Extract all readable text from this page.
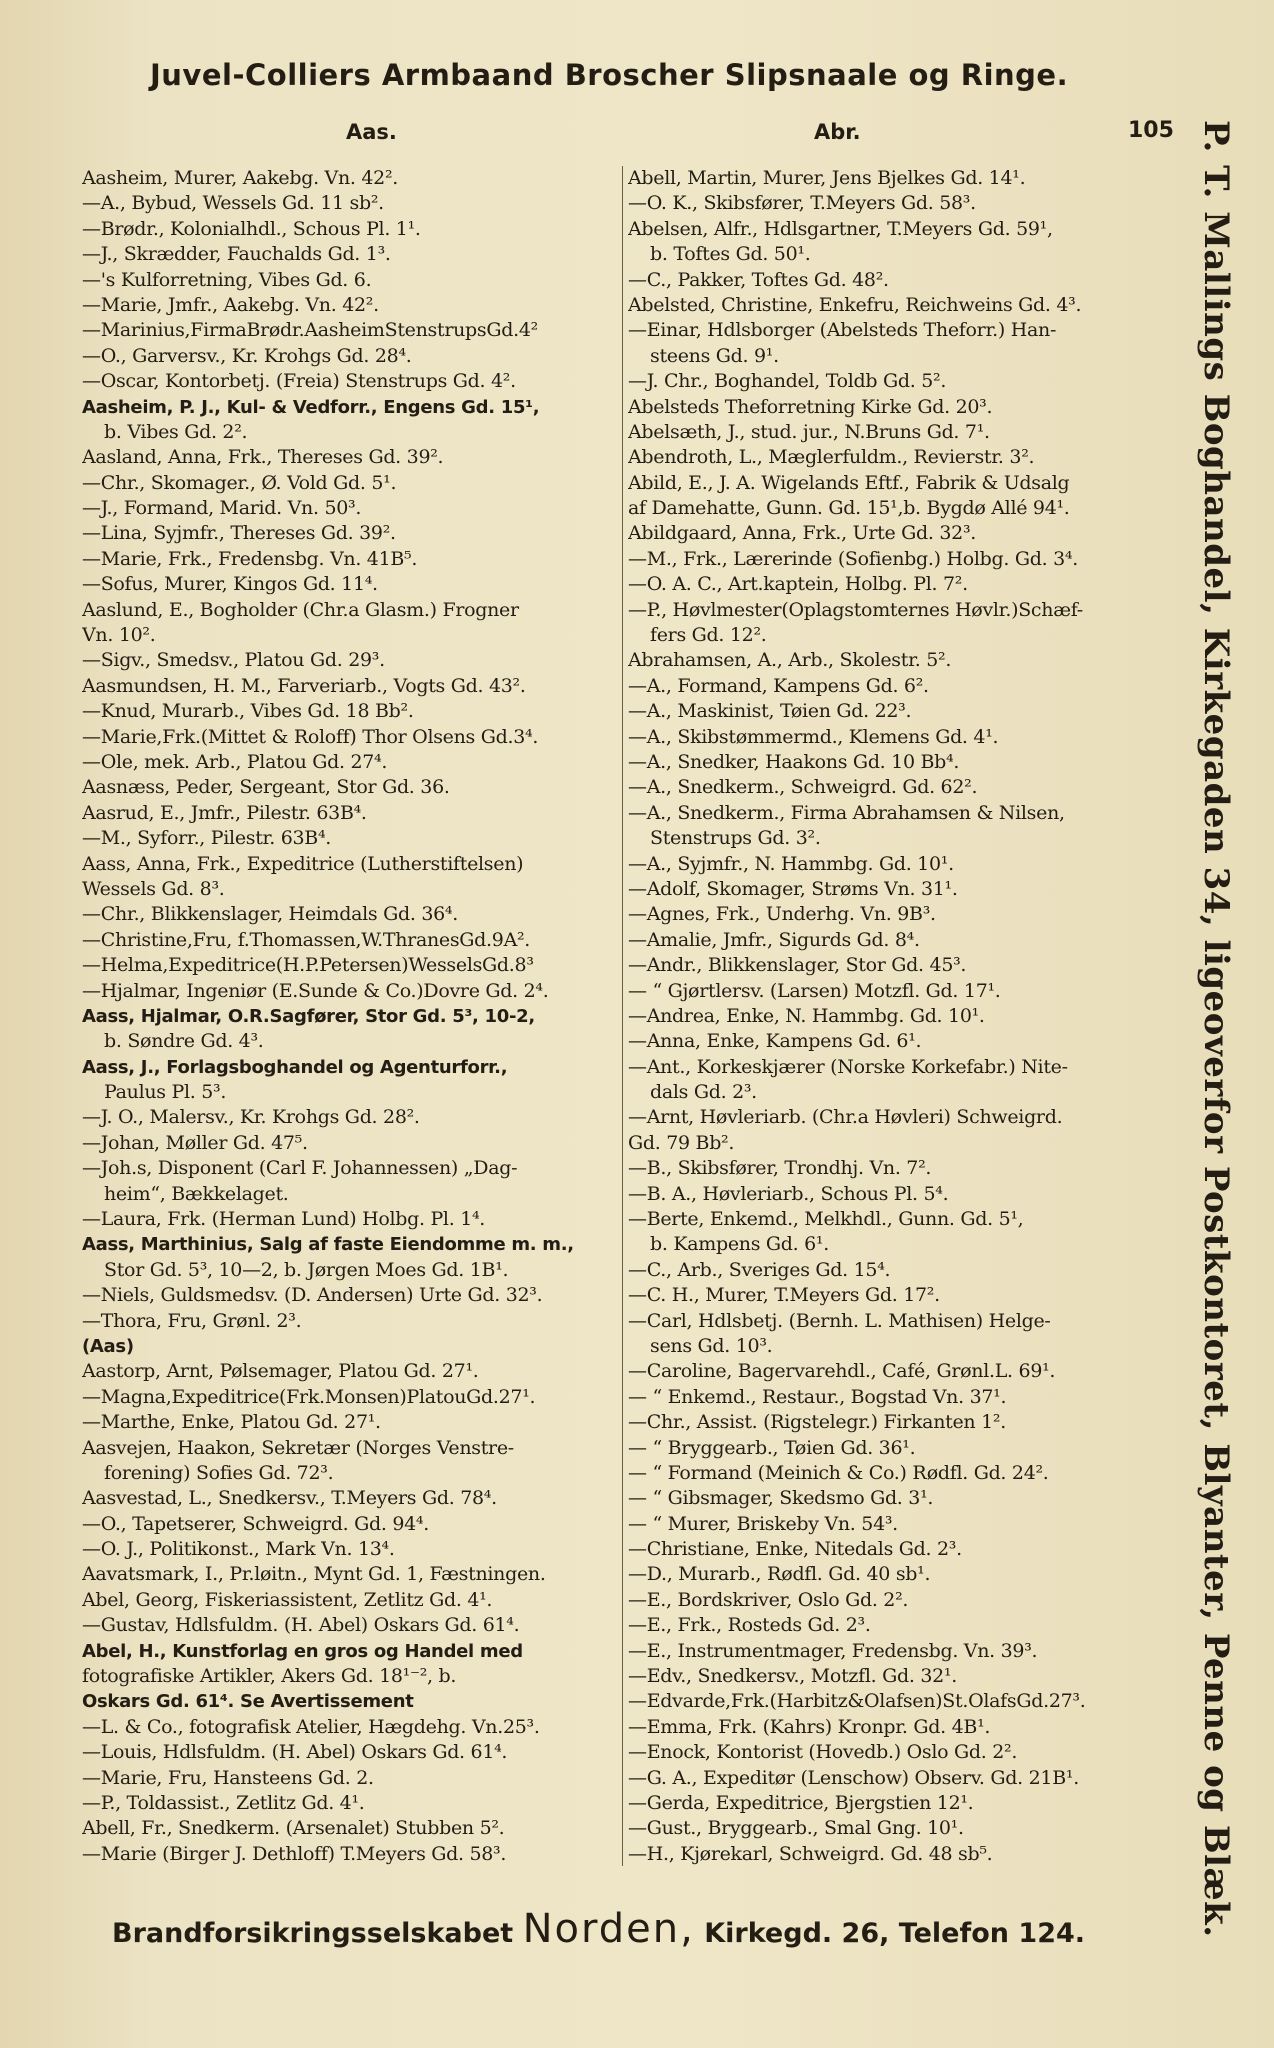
Juvel-Colliers Armbaand Broscher Slipsnaale og Ringe.
Aas.	Abr.	105
Aasheim, Murer, Aakebg. Vn. 42².
—A., Bybud, Wessels Gd. 11 sb².
—Brødr., Kolonialhdl., Schous Pl. 1¹.
—J., Skrædder, Fauchalds Gd. 1³.
—'s Kulforretning, Vibes Gd. 6.
—Marie, Jmfr., Aakebg. Vn. 42².
—Marinius,FirmaBrødr.AasheimStenstrupsGd.4²
—O., Garversv., Kr. Krohgs Gd. 28⁴.
—Oscar, Kontorbetj. (Freia) Stenstrups Gd. 4².
Aasheim, P. J., Kul- & Vedforr., Engens Gd. 15¹,
b. Vibes Gd. 2².
Aasland, Anna, Frk., Thereses Gd. 39².
—Chr., Skomager., Ø. Vold Gd. 5¹.
—J., Formand, Marid. Vn. 50³.
—Lina, Syjmfr., Thereses Gd. 39².
—Marie, Frk., Fredensbg. Vn. 41B⁵.
—Sofus, Murer, Kingos Gd. 11⁴.
Aaslund, E., Bogholder (Chr.a Glasm.) Frogner
Vn. 10².
—Sigv., Smedsv., Platou Gd. 29³.
Aasmundsen, H. M., Farveriarb., Vogts Gd. 43².
—Knud, Murarb., Vibes Gd. 18 Bb².
—Marie,Frk.(Mittet & Roloff) Thor Olsens Gd.3⁴.
—Ole, mek. Arb., Platou Gd. 27⁴.
Aasnæss, Peder, Sergeant, Stor Gd. 36.
Aasrud, E., Jmfr., Pilestr. 63B⁴.
—M., Syforr., Pilestr. 63B⁴.
Aass, Anna, Frk., Expeditrice (Lutherstiftelsen)
Wessels Gd. 8³.
—Chr., Blikkenslager, Heimdals Gd. 36⁴.
—Christine,Fru, f.Thomassen,W.ThranesGd.9A².
—Helma,Expeditrice(H.P.Petersen)WesselsGd.8³
—Hjalmar, Ingeniør (E.Sunde & Co.)Dovre Gd. 2⁴.
Aass, Hjalmar, O.R.Sagfører, Stor Gd. 5³, 10-2,
b. Søndre Gd. 4³.
Aass, J., Forlagsboghandel og Agenturforr.,
Paulus Pl. 5³.
—J. O., Malersv., Kr. Krohgs Gd. 28².
—Johan, Møller Gd. 47⁵.
—Joh.s, Disponent (Carl F. Johannessen) „Dag-
heim“, Bækkelaget.
—Laura, Frk. (Herman Lund) Holbg. Pl. 1⁴.
Aass, Marthinius, Salg af faste Eiendomme m. m.,
Stor Gd. 5³, 10—2, b. Jørgen Moes Gd. 1B¹.
—Niels, Guldsmedsv. (D. Andersen) Urte Gd. 32³.
—Thora, Fru, Grønl. 2³.
(Aas)
Aastorp, Arnt, Pølsemager, Platou Gd. 27¹.
—Magna,Expeditrice(Frk.Monsen)PlatouGd.27¹.
—Marthe, Enke, Platou Gd. 27¹.
Aasvejen, Haakon, Sekretær (Norges Venstre-
forening) Sofies Gd. 72³.
Aasvestad, L., Snedkersv., T.Meyers Gd. 78⁴.
—O., Tapetserer, Schweigrd. Gd. 94⁴.
—O. J., Politikonst., Mark Vn. 13⁴.
Aavatsmark, I., Pr.løitn., Mynt Gd. 1, Fæstningen.
Abel, Georg, Fiskeriassistent, Zetlitz Gd. 4¹.
—Gustav, Hdlsfuldm. (H. Abel) Oskars Gd. 61⁴.
Abel, H., Kunstforlag en gros og Handel med
fotografiske Artikler, Akers Gd. 18¹⁻², b.
Oskars Gd. 61⁴. Se Avertissement
—L. & Co., fotografisk Atelier, Hægdehg. Vn.25³.
—Louis, Hdlsfuldm. (H. Abel) Oskars Gd. 61⁴.
—Marie, Fru, Hansteens Gd. 2.
—P., Toldassist., Zetlitz Gd. 4¹.
Abell, Fr., Snedkerm. (Arsenalet) Stubben 5².
—Marie (Birger J. Dethloff) T.Meyers Gd. 58³.
Abell, Martin, Murer, Jens Bjelkes Gd. 14¹.
—O. K., Skibsfører, T.Meyers Gd. 58³.
Abelsen, Alfr., Hdlsgartner, T.Meyers Gd. 59¹,
b. Toftes Gd. 50¹.
—C., Pakker, Toftes Gd. 48².
Abelsted, Christine, Enkefru, Reichweins Gd. 4³.
—Einar, Hdlsborger (Abelsteds Theforr.) Han-
steens Gd. 9¹.
—J. Chr., Boghandel, Toldb Gd. 5².
Abelsteds Theforretning Kirke Gd. 20³.
Abelsæth, J., stud. jur., N.Bruns Gd. 7¹.
Abendroth, L., Mæglerfuldm., Revierstr. 3².
Abild, E., J. A. Wigelands Eftf., Fabrik & Udsalg
af Damehatte, Gunn. Gd. 15¹,b. Bygdø Allé 94¹.
Abildgaard, Anna, Frk., Urte Gd. 32³.
—M., Frk., Lærerinde (Sofienbg.) Holbg. Gd. 3⁴.
—O. A. C., Art.kaptein, Holbg. Pl. 7².
—P., Høvlmester(Oplagstomternes Høvlr.)Schæf-
fers Gd. 12².
Abrahamsen, A., Arb., Skolestr. 5².
—A., Formand, Kampens Gd. 6².
—A., Maskinist, Tøien Gd. 22³.
—A., Skibstømmermd., Klemens Gd. 4¹.
—A., Snedker, Haakons Gd. 10 Bb⁴.
—A., Snedkerm., Schweigrd. Gd. 62².
—A., Snedkerm., Firma Abrahamsen & Nilsen,
Stenstrups Gd. 3².
—A., Syjmfr., N. Hammbg. Gd. 10¹.
—Adolf, Skomager, Strøms Vn. 31¹.
—Agnes, Frk., Underhg. Vn. 9B³.
—Amalie, Jmfr., Sigurds Gd. 8⁴.
—Andr., Blikkenslager, Stor Gd. 45³.
— “ Gjørtlersv. (Larsen) Motzfl. Gd. 17¹.
—Andrea, Enke, N. Hammbg. Gd. 10¹.
—Anna, Enke, Kampens Gd. 6¹.
—Ant., Korkeskjærer (Norske Korkefabr.) Nite-
dals Gd. 2³.
—Arnt, Høvleriarb. (Chr.a Høvleri) Schweigrd.
Gd. 79 Bb².
—B., Skibsfører, Trondhj. Vn. 7².
—B. A., Høvleriarb., Schous Pl. 5⁴.
—Berte, Enkemd., Melkhdl., Gunn. Gd. 5¹,
b. Kampens Gd. 6¹.
—C., Arb., Sveriges Gd. 15⁴.
—C. H., Murer, T.Meyers Gd. 17².
—Carl, Hdlsbetj. (Bernh. L. Mathisen) Helge-
sens Gd. 10³.
—Caroline, Bagervarehdl., Café, Grønl.L. 69¹.
— “ Enkemd., Restaur., Bogstad Vn. 37¹.
—Chr., Assist. (Rigstelegr.) Firkanten 1².
— “ Bryggearb., Tøien Gd. 36¹.
— “ Formand (Meinich & Co.) Rødfl. Gd. 24².
— “ Gibsmager, Skedsmo Gd. 3¹.
— “ Murer, Briskeby Vn. 54³.
—Christiane, Enke, Nitedals Gd. 2³.
—D., Murarb., Rødfl. Gd. 40 sb¹.
—E., Bordskriver, Oslo Gd. 2².
—E., Frk., Rosteds Gd. 2³.
—E., Instrumentmager, Fredensbg. Vn. 39³.
—Edv., Snedkersv., Motzfl. Gd. 32¹.
—Edvarde,Frk.(Harbitz&Olafsen)St.OlafsGd.27³.
—Emma, Frk. (Kahrs) Kronpr. Gd. 4B¹.
—Enock, Kontorist (Hovedb.) Oslo Gd. 2².
—G. A., Expeditør (Lenschow) Observ. Gd. 21B¹.
—Gerda, Expeditrice, Bjergstien 12¹.
—Gust., Bryggearb., Smal Gng. 10¹.
—H., Kjørekarl, Schweigrd. Gd. 48 sb⁵.	P. T. Mallings Boghandel, Kirkegaden 34, ligeoverfor Postkontoret, Blyanter, Penne og Blæk.
Brandforsikringsselskabet Norden, Kirkegd. 26, Telefon 124.
